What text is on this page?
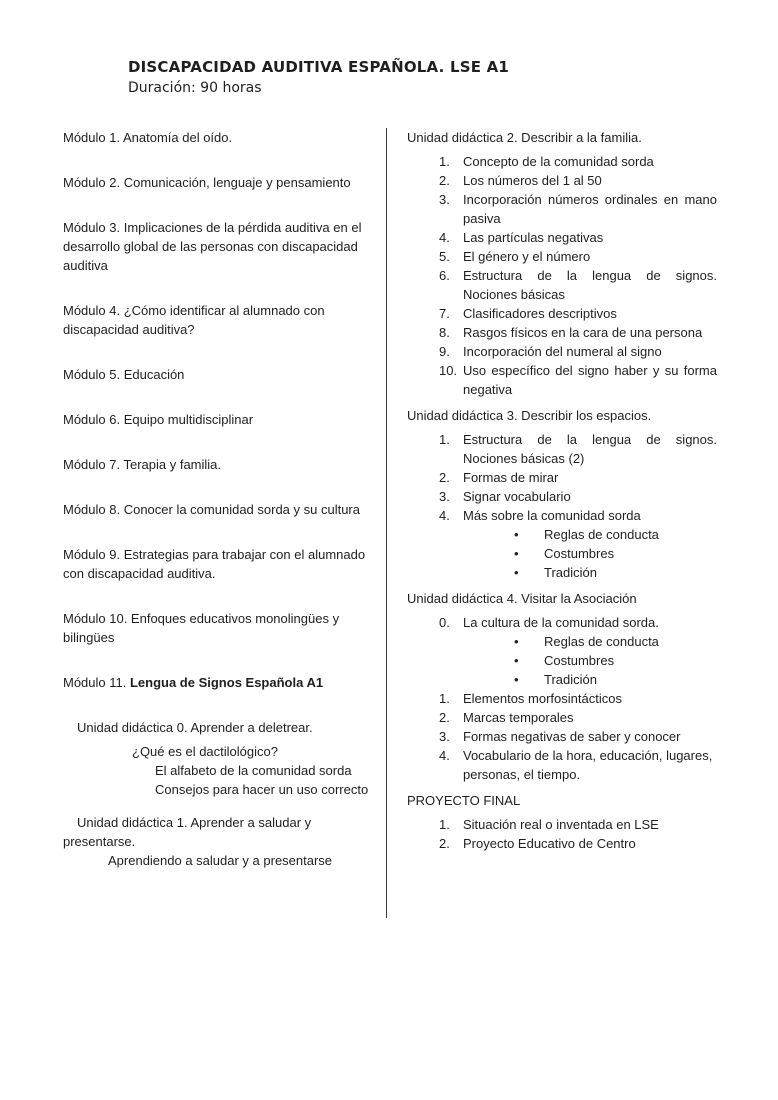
DISCAPACIDAD AUDITIVA ESPAÑOLA. LSE A1
Duración: 90 horas

Módulo 1. Anatomía del oído.

Módulo 2. Comunicación, lenguaje y pensamiento

Módulo 3. Implicaciones de la pérdida auditiva en el desarrollo global de las personas con discapacidad auditiva

Módulo 4. ¿Cómo identificar al alumnado con discapacidad auditiva?

Módulo 5. Educación

Módulo 6. Equipo multidisciplinar

Módulo 7. Terapia y familia.

Módulo 8. Conocer la comunidad sorda y su cultura

Módulo 9. Estrategias para trabajar con el alumnado con discapacidad auditiva.

Módulo 10. Enfoques educativos monolingües y bilingües

Módulo 11. Lengua de Signos Española A1

Unidad didáctica 0. Aprender a deletrear.

¿Qué es el dactilológico?

El alfabeto de la comunidad sorda

Consejos para hacer un uso correcto

Unidad didáctica 1. Aprender a saludar y presentarse.

Aprendiendo a saludar y a presentarse

Unidad didáctica 2. Describir a la familia.

1.	Concepto de la comunidad sorda
2.	Los números del 1 al 50
3.	Incorporación números ordinales en mano pasiva
4.	Las partículas negativas
5.	El género y el número
6.	Estructura de la lengua de signos. Nociones básicas
7.	Clasificadores descriptivos
8.	Rasgos físicos en la cara de una persona
9.	Incorporación del numeral al signo
10. Uso específico del signo haber y su forma negativa

Unidad didáctica 3. Describir los espacios.

1.	Estructura de la lengua de signos. Nociones básicas (2)
2.	Formas de mirar
3.	Signar vocabulario
4.	Más sobre la comunidad sorda
•	Reglas de conducta
•	Costumbres
•	Tradición

Unidad didáctica 4. Visitar la Asociación

0.	La cultura de la comunidad sorda.
•	Reglas de conducta
•	Costumbres
•	Tradición
1.	Elementos morfosintácticos
2.	Marcas temporales
3.	Formas negativas de saber y conocer
4.	Vocabulario de la hora, educación, lugares, personas, el tiempo.

PROYECTO FINAL

1.	Situación real o inventada en LSE
2.	Proyecto Educativo de Centro
